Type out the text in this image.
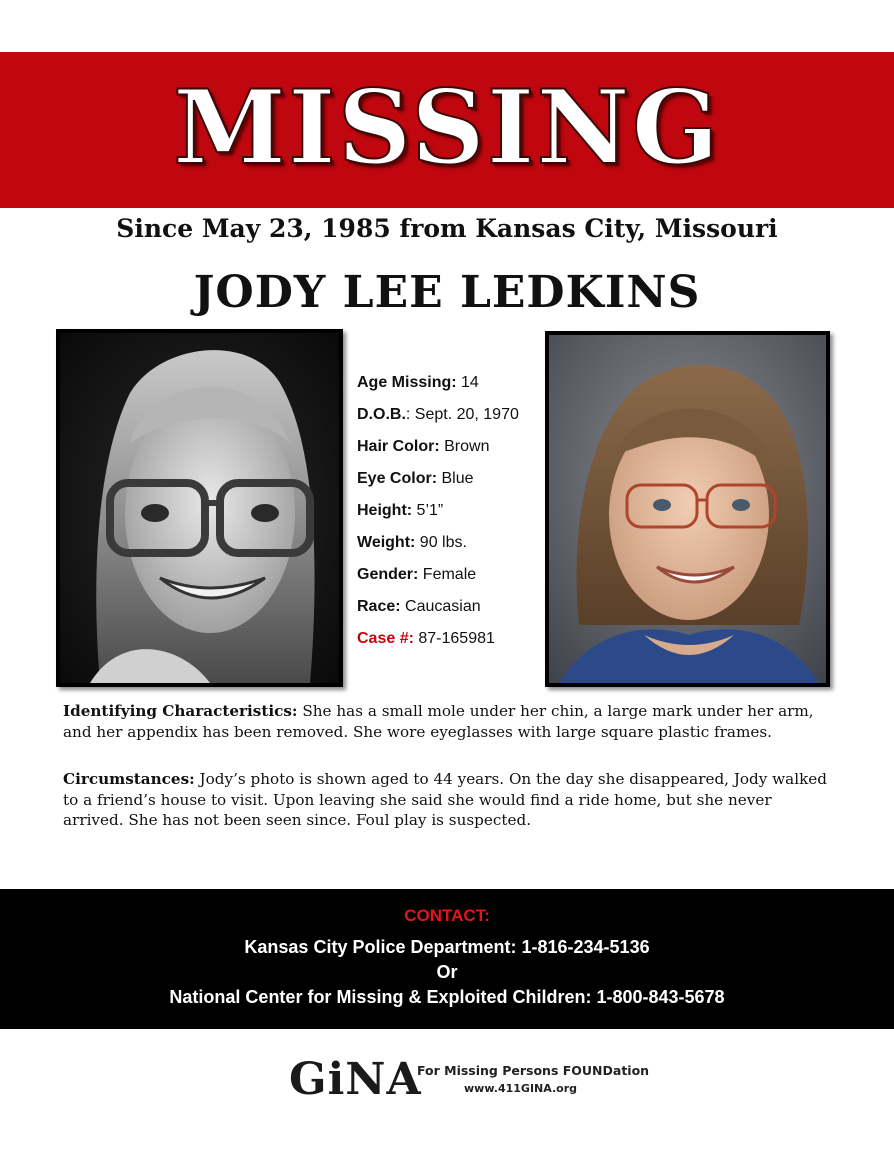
MISSING
Since May 23, 1985 from Kansas City, Missouri
JODY LEE LEDKINS
Age Missing: 14
D.O.B.: Sept. 20, 1970
Hair Color: Brown
Eye Color: Blue
Height: 5’1”
Weight: 90 lbs.
Gender: Female
Race: Caucasian
Case #: 87-165981
Identifying Characteristics: She has a small mole under her chin, a large mark under her arm, and her appendix has been removed. She wore eyeglasses with large square plastic frames.
Circumstances: Jody’s photo is shown aged to 44 years. On the day she disappeared, Jody walked to a friend’s house to visit. Upon leaving she said she would find a ride home, but she never arrived. She has not been seen since. Foul play is suspected.
CONTACT:
Kansas City Police Department: 1-816-234-5136
Or
National Center for Missing & Exploited Children: 1-800-843-5678
GiNA
For Missing Persons FOUNDation
www.411GINA.org
